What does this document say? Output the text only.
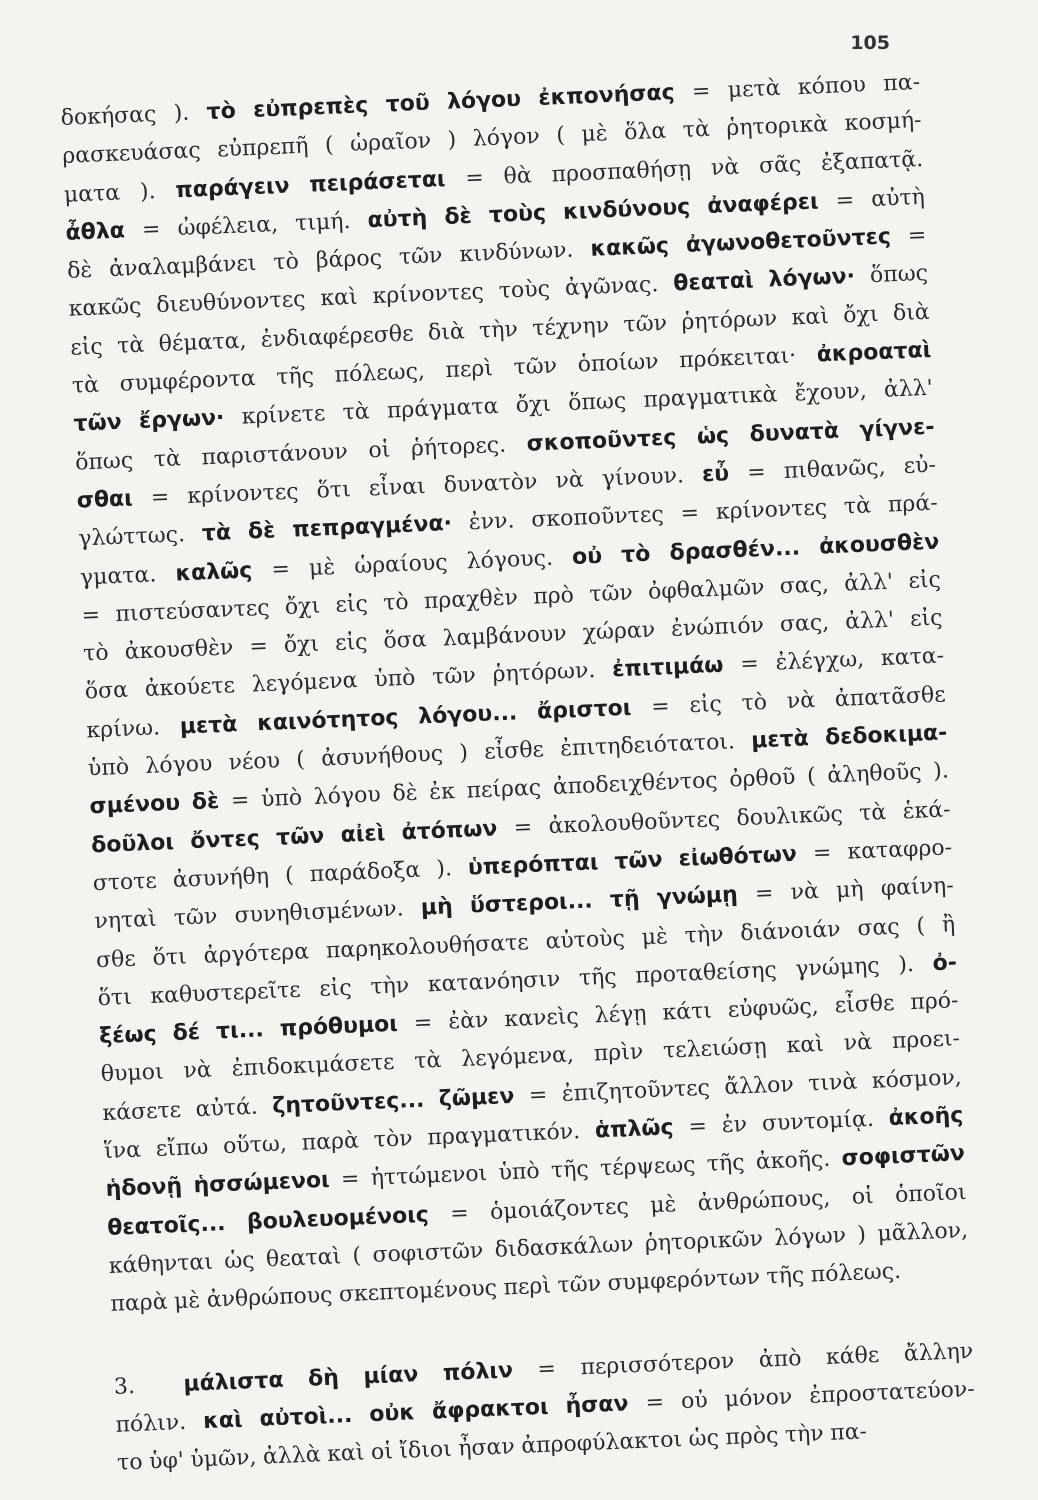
105
δοκήσας ). τὸ εὐπρεπὲς τοῦ λόγου ἐκπονήσας = μετὰ κόπου πα-
ρασκευάσας εὐπρεπῆ ( ὡραῖον ) λόγον ( μὲ ὅλα τὰ ῥητορικὰ κοσμή-
ματα ). παράγειν πειράσεται = θὰ προσπαθήσῃ νὰ σᾶς ἐξαπατᾷ.
ἆθλα = ὠφέλεια, τιμή. αὐτὴ δὲ τοὺς κινδύνους ἀναφέρει = αὐτὴ
δὲ ἀναλαμβάνει τὸ βάρος τῶν κινδύνων. κακῶς ἀγωνοθετοῦντες =
κακῶς διευθύνοντες καὶ κρίνοντες τοὺς ἀγῶνας. θεαταὶ λόγων· ὅπως
εἰς τὰ θέματα, ἐνδιαφέρεσθε διὰ τὴν τέχνην τῶν ῥητόρων καὶ ὄχι διὰ
τὰ συμφέροντα τῆς πόλεως, περὶ τῶν ὁποίων πρόκειται· ἀκροαταὶ
τῶν ἔργων· κρίνετε τὰ πράγματα ὄχι ὅπως πραγματικὰ ἔχουν, ἀλλ'
ὅπως τὰ παριστάνουν οἱ ῥήτορες. σκοποῦντες ὡς δυνατὰ γίγνε-
σθαι = κρίνοντες ὅτι εἶναι δυνατὸν νὰ γίνουν. εὖ = πιθανῶς, εὐ-
γλώττως. τὰ δὲ πεπραγμένα· ἐνν. σκοποῦντες = κρίνοντες τὰ πρά-
γματα. καλῶς = μὲ ὡραίους λόγους. οὐ τὸ δρασθέν... ἀκουσθὲν
= πιστεύσαντες ὄχι εἰς τὸ πραχθὲν πρὸ τῶν ὀφθαλμῶν σας, ἀλλ' εἰς
τὸ ἀκουσθὲν = ὄχι εἰς ὅσα λαμβάνουν χώραν ἐνώπιόν σας, ἀλλ' εἰς
ὅσα ἀκούετε λεγόμενα ὑπὸ τῶν ῥητόρων. ἐπιτιμάω = ἐλέγχω, κατα-
κρίνω. μετὰ καινότητος λόγου... ἄριστοι = εἰς τὸ νὰ ἀπατᾶσθε
ὑπὸ λόγου νέου ( ἀσυνήθους ) εἶσθε ἐπιτηδειότατοι. μετὰ δεδοκιμα-
σμένου δὲ = ὑπὸ λόγου δὲ ἐκ πείρας ἀποδειχθέντος ὀρθοῦ ( ἀληθοῦς ).
δοῦλοι ὄντες τῶν αἰεὶ ἀτόπων = ἀκολουθοῦντες δουλικῶς τὰ ἑκά-
στοτε ἀσυνήθη ( παράδοξα ). ὑπερόπται τῶν εἰωθότων = καταφρο-
νηταὶ τῶν συνηθισμένων. μὴ ὕστεροι... τῇ γνώμῃ = νὰ μὴ φαίνη-
σθε ὅτι ἀργότερα παρηκολουθήσατε αὐτοὺς μὲ τὴν διάνοιάν σας ( ἢ
ὅτι καθυστερεῖτε εἰς τὴν κατανόησιν τῆς προταθείσης γνώμης ). ὀ-
ξέως δέ τι... πρόθυμοι = ἐὰν κανεὶς λέγῃ κάτι εὐφυῶς, εἶσθε πρό-
θυμοι νὰ ἐπιδοκιμάσετε τὰ λεγόμενα, πρὶν τελειώσῃ καὶ νὰ προει-
κάσετε αὐτά. ζητοῦντες... ζῶμεν = ἐπιζητοῦντες ἄλλον τινὰ κόσμον,
ἵνα εἴπω οὕτω, παρὰ τὸν πραγματικόν. ἁπλῶς = ἐν συντομίᾳ. ἀκοῆς
ἡδονῇ ἡσσώμενοι = ἡττώμενοι ὑπὸ τῆς τέρψεως τῆς ἀκοῆς. σοφιστῶν
θεατοῖς... βουλευομένοις = ὁμοιάζοντες μὲ ἀνθρώπους, οἱ ὁποῖοι
κάθηνται ὡς θεαταὶ ( σοφιστῶν διδασκάλων ῥητορικῶν λόγων ) μᾶλλον,
παρὰ μὲ ἀνθρώπους σκεπτομένους περὶ τῶν συμφερόντων τῆς πόλεως.
3. μάλιστα δὴ μίαν πόλιν = περισσότερον ἀπὸ κάθε ἄλλην
πόλιν. καὶ αὐτοὶ... οὐκ ἄφρακτοι ἦσαν = οὐ μόνον ἐπροστατεύον-
το ὑφ' ὑμῶν, ἀλλὰ καὶ οἱ ἴδιοι ἦσαν ἀπροφύλακτοι ὡς πρὸς τὴν πα-
